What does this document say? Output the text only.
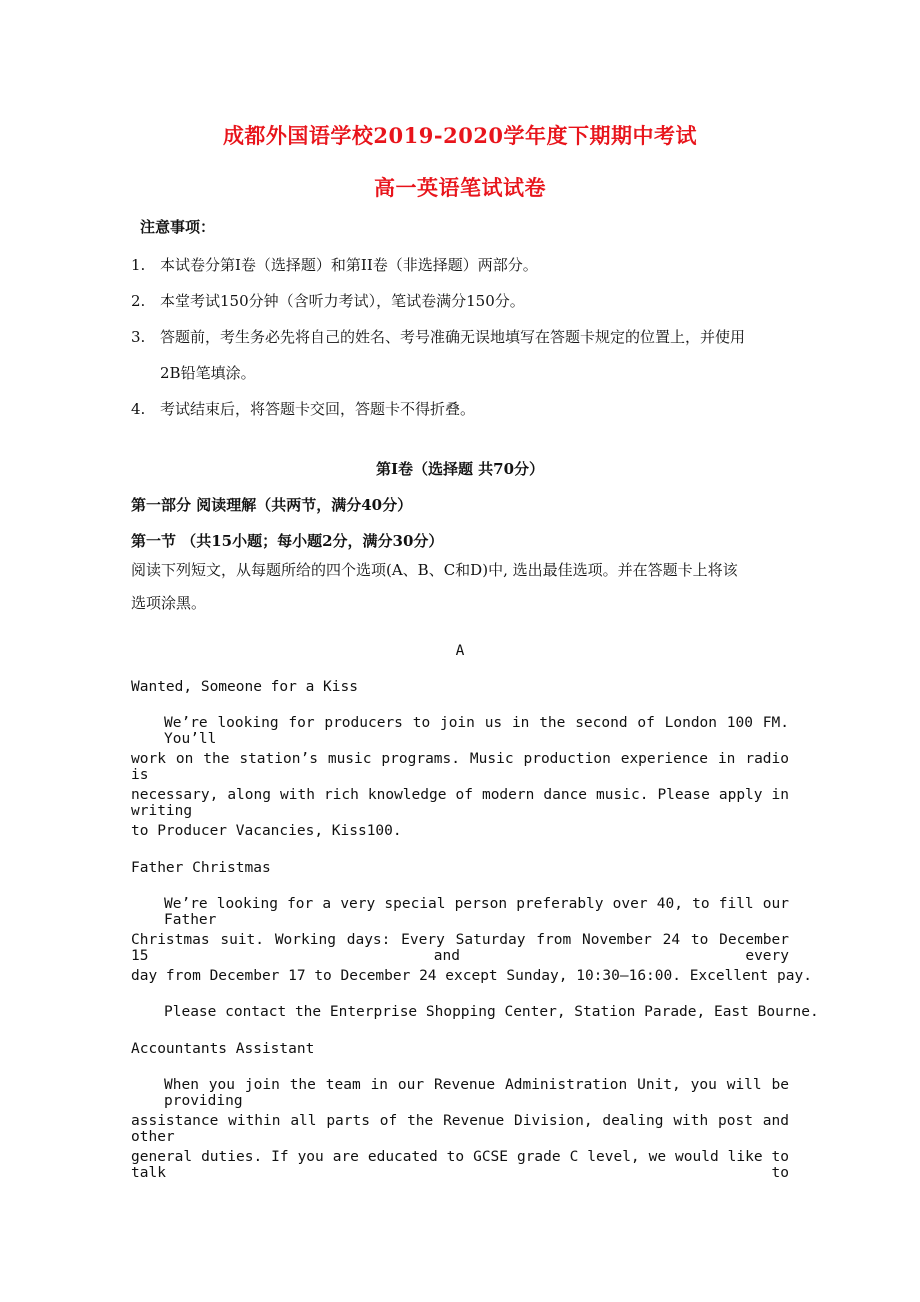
成都外国语学校2019-2020学年度下期期中考试
高一英语笔试试卷
注意事项：
1. 本试卷分第Ⅰ卷（选择题）和第II卷（非选择题）两部分。
2. 本堂考试150分钟（含听力考试），笔试卷满分150分。
3. 答题前，考生务必先将自己的姓名、考号准确无误地填写在答题卡规定的位置上，并使用
2B铅笔填涂。
4. 考试结束后，将答题卡交回，答题卡不得折叠。
第Ⅰ卷（选择题 共70分）
第一部分 阅读理解（共两节，满分40分）
第一节 （共15小题；每小题2分，满分30分）
阅读下列短文，从每题所给的四个选项(A、B、C和D)中, 选出最佳选项。并在答题卡上将该
选项涂黑。
A
Wanted, Someone for a Kiss
We’re looking for producers to join us in the second of London 100 FM. You’ll
work on the station’s music programs. Music production experience in radio is
necessary, along with rich knowledge of modern dance music. Please apply in writing
to Producer Vacancies, Kiss100.
Father Christmas
We’re looking for a very special person preferably over 40, to fill our Father
Christmas suit. Working days: Every Saturday from November 24 to December 15 and every
day from December 17 to December 24 except Sunday, 10:30—16:00. Excellent pay.
Please contact the Enterprise Shopping Center, Station Parade, East Bourne.
Accountants Assistant
When you join the team in our Revenue Administration Unit, you will be providing
assistance within all parts of the Revenue Division, dealing with post and other
general duties. If you are educated to GCSE grade C level, we would like to talk to
